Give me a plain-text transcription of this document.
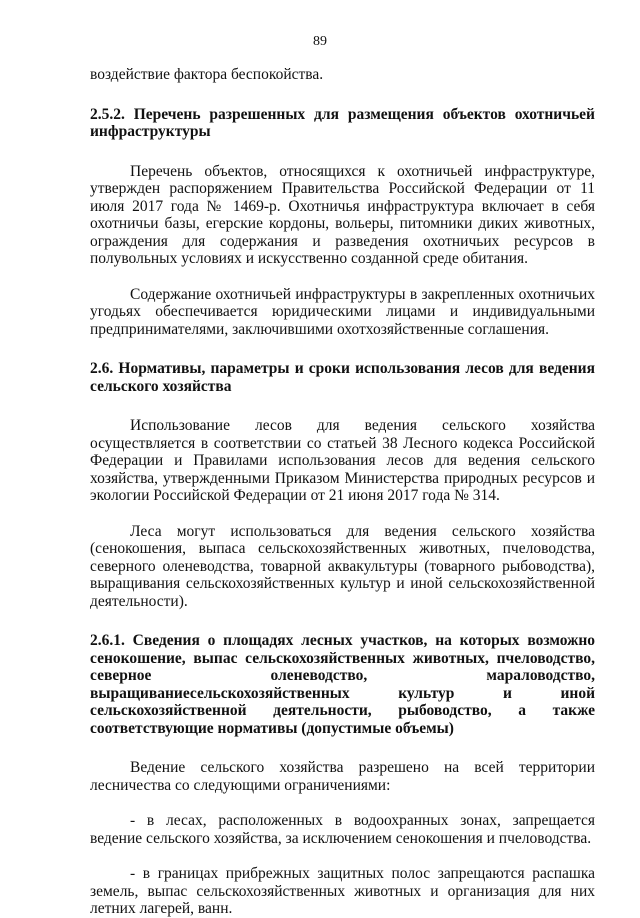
89

воздействие фактора беспокойства.

2.5.2. Перечень разрешенных для размещения объектов охотничьей инфраструктуры

Перечень объектов, относящихся к охотничьей инфраструктуре, утвержден распоряжением Правительства Российской Федерации от 11 июля 2017 года № 1469-р. Охотничья инфраструктура включает в себя охотничьи базы, егерские кордоны, вольеры, питомники диких животных, ограждения для содержания и разведения охотничьих ресурсов в полувольных условиях и искусственно созданной среде обитания.

Содержание охотничьей инфраструктуры в закрепленных охотничьих угодьях обеспечивается юридическими лицами и индивидуальными предпринимателями, заключившими охотхозяйственные соглашения.

2.6. Нормативы, параметры и сроки использования лесов для ведения сельского хозяйства

Использование лесов для ведения сельского хозяйства осуществляется в соответствии со статьей 38 Лесного кодекса Российской Федерации и Правилами использования лесов для ведения сельского хозяйства, утвержденными Приказом Министерства природных ресурсов и экологии Российской Федерации от 21 июня 2017 года № 314.

Леса могут использоваться для ведения сельского хозяйства (сенокошения, выпаса сельскохозяйственных животных, пчеловодства, северного оленеводства, товарной аквакультуры (товарного рыбоводства), выращивания сельскохозяйственных культур и иной сельскохозяйственной деятельности).

2.6.1. Сведения о площадях лесных участков, на которых возможно сенокошение, выпас сельскохозяйственных животных, пчеловодство, северное оленеводство, мараловодство, выращиваниесельскохозяйственных культур и иной сельскохозяйственной деятельности, рыбоводство, а также соответствующие нормативы (допустимые объемы)

Ведение сельского хозяйства разрешено на всей территории лесничества со следующими ограничениями:

- в лесах, расположенных в водоохранных зонах, запрещается ведение сельского хозяйства, за исключением сенокошения и пчеловодства.

- в границах прибрежных защитных полос запрещаются распашка земель, выпас сельскохозяйственных животных и организация для них летних лагерей, ванн.
